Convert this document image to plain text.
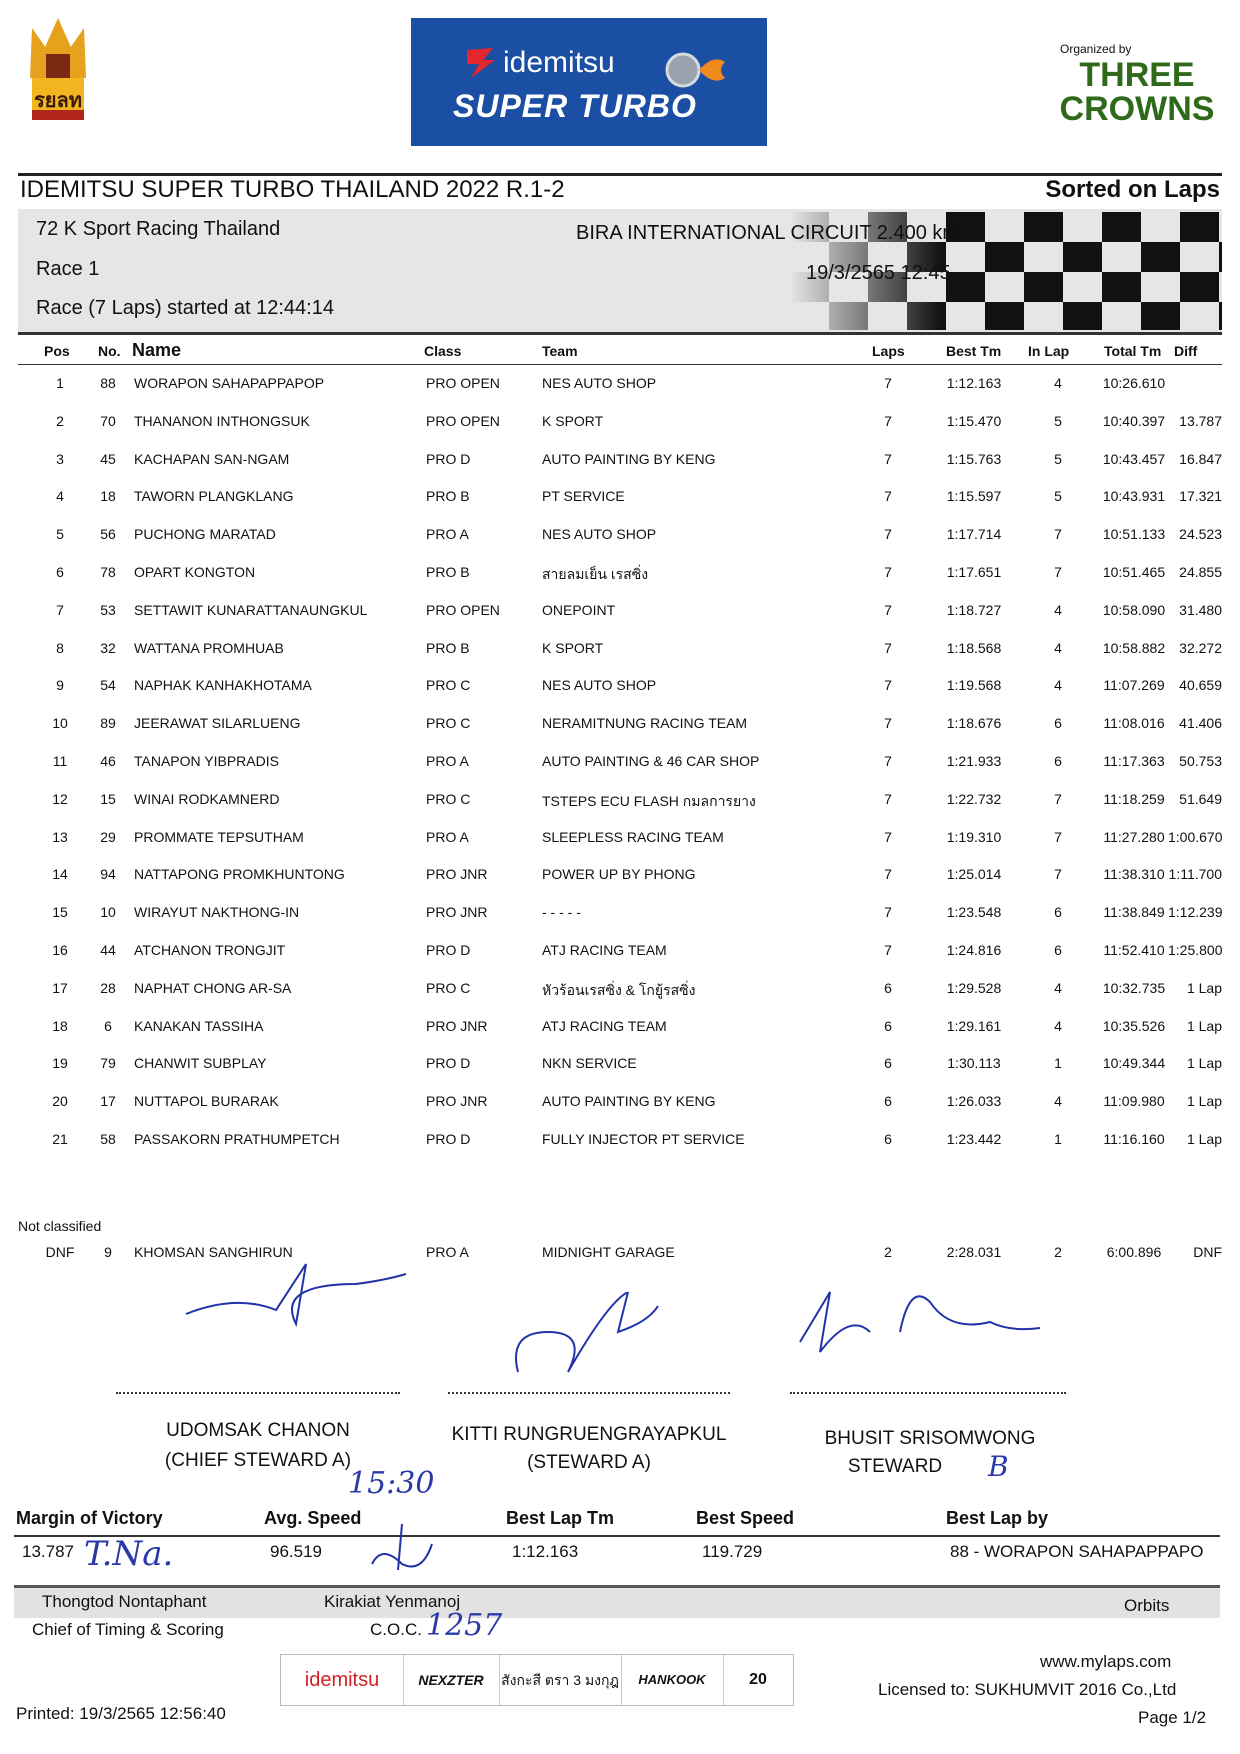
รยลท
idemitsu
SUPER TURBO
Organized by
THREE CROWNS
IDEMITSU SUPER TURBO THAILAND 2022 R.1-2	Sorted on Laps
72 K Sport Racing Thailand
Race 1
Race (7 Laps) started at 12:44:14
BIRA INTERNATIONAL CIRCUIT 2.400 km
19/3/2565 12:45
Pos No. Name	Class	Team	Laps	Best Tm In Lap Total Tm Diff
1	88	WORAPON SAHAPAPPAPOP	PRO OPEN	NES AUTO SHOP	7	1:12.163	4	10:26.610
2	70	THANANON INTHONGSUK	PRO OPEN	K SPORT	7	1:15.470	5	10:40.397	13.787
3	45	KACHAPAN SAN-NGAM	PRO D	AUTO PAINTING BY KENG	7	1:15.763	5	10:43.457	16.847
4	18	TAWORN PLANGKLANG	PRO B	PT SERVICE	7	1:15.597	5	10:43.931	17.321
5	56	PUCHONG MARATAD	PRO A	NES AUTO SHOP	7	1:17.714	7	10:51.133	24.523
6	78	OPART KONGTON	PRO B	สายลมเย็น เรสซิ่ง	7	1:17.651	7	10:51.465	24.855
7	53	SETTAWIT KUNARATTANAUNGKUL	PRO OPEN	ONEPOINT	7	1:18.727	4	10:58.090	31.480
8	32	WATTANA PROMHUAB	PRO B	K SPORT	7	1:18.568	4	10:58.882	32.272
9	54	NAPHAK KANHAKHOTAMA	PRO C	NES AUTO SHOP	7	1:19.568	4	11:07.269	40.659
10	89	JEERAWAT SILARLUENG	PRO C	NERAMITNUNG RACING TEAM	7	1:18.676	6	11:08.016	41.406
11	46	TANAPON YIBPRADIS	PRO A	AUTO PAINTING & 46 CAR SHOP	7	1:21.933	6	11:17.363	50.753
12	15	WINAI RODKAMNERD	PRO C	TSTEPS ECU FLASH กมลการยาง	7	1:22.732	7	11:18.259	51.649
13	29	PROMMATE TEPSUTHAM	PRO A	SLEEPLESS RACING TEAM	7	1:19.310	7	11:27.280 1:00.670
14	94	NATTAPONG PROMKHUNTONG	PRO JNR	POWER UP BY PHONG	7	1:25.014	7	11:38.310 1:11.700
15	10	WIRAYUT NAKTHONG-IN	PRO JNR	- - - - -	7	1:23.548	6	11:38.849 1:12.239
16	44	ATCHANON TRONGJIT	PRO D	ATJ RACING TEAM	7	1:24.816	6	11:52.410 1:25.800
17	28	NAPHAT CHONG AR-SA	PRO C	หัวร้อนเรสซิ่ง & โกยู้รสซิ่ง	6	1:29.528	4	10:32.735	1 Lap
18	6	KANAKAN TASSIHA	PRO JNR	ATJ RACING TEAM	6	1:29.161	4	10:35.526	1 Lap
19	79	CHANWIT SUBPLAY	PRO D	NKN SERVICE	6	1:30.113	1	10:49.344	1 Lap
20	17	NUTTAPOL BURARAK	PRO JNR	AUTO PAINTING BY KENG	6	1:26.033	4	11:09.980	1 Lap
21	58	PASSAKORN PRATHUMPETCH	PRO D	FULLY INJECTOR PT SERVICE	6	1:23.442	1	11:16.160	1 Lap
Not classified
DNF	9	KHOMSAN SANGHIRUN	PRO A	MIDNIGHT GARAGE	2	2:28.031	2	6:00.896	DNF
UDOMSAK CHANON
(CHIEF STEWARD A)
KITTI RUNGRUENGRAYAPKUL
(STEWARD A)
BHUSIT SRISOMWONG
STEWARD	B
15:30
Margin of Victory	Avg. Speed	Best Lap Tm	Best Speed	Best Lap by
13.787	96.519	1:12.163	119.729	88 - WORAPON SAHAPAPPAPO
T.Na.
Thongtod Nontaphant	Kirakiat Yenmanoj	Orbits
Chief of Timing & Scoring	C.O.C. 1257
idemitsu	NEXZTER	สังกะสี ตรา 3 มงกุฎ	HANKOOK	20
www.mylaps.com
Licensed to: SUKHUMVIT 2016 Co.,Ltd
Printed: 19/3/2565 12:56:40	Page 1/2
